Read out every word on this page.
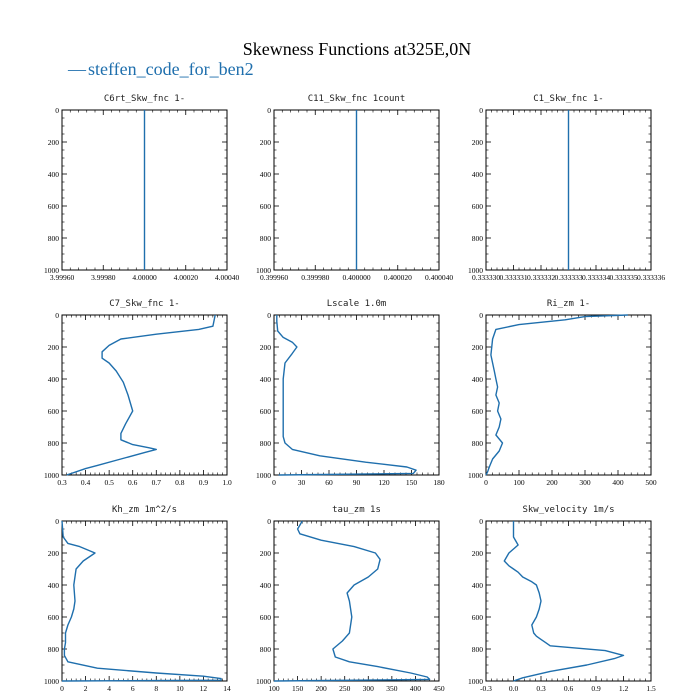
Skewness Functions at325E,0N
— steffen_code_for_ben2
C6rt_Skw_fnc 1-
3.99960 3.99980 4.00000 4.00020 4.00040
0
200
400
600
800
1000
C11_Skw_fnc 1count
0.399960 0.399980 0.400000 0.400020 0.400040
0
200
400
600
800
1000
C1_Skw_fnc 1-
0.333330 0.333331 0.333332 0.333333 0.333334 0.333335 0.333336
0
200
400
600
800
1000
C7_Skw_fnc 1-
0.3 0.4 0.5 0.6 0.7 0.8 0.9 1.0
0
200
400
600
800
1000
Lscale 1.0m
0	30	60	90 120 150 180
0
200
400
600
800
1000
Ri_zm 1-
0	100	200	300	400	500
0
200
400
600
800
1000
Kh_zm 1m^2/s
0	2	4	6	8 10 12 14
0
200
400
600
800
1000
tau_zm 1s
100 150 200 250 300 350 400 450
0
200
400
600
800
1000
Skw_velocity 1m/s
-0.3 0.0 0.3 0.6 0.9 1.2 1.5
0
200
400
600
800
1000
